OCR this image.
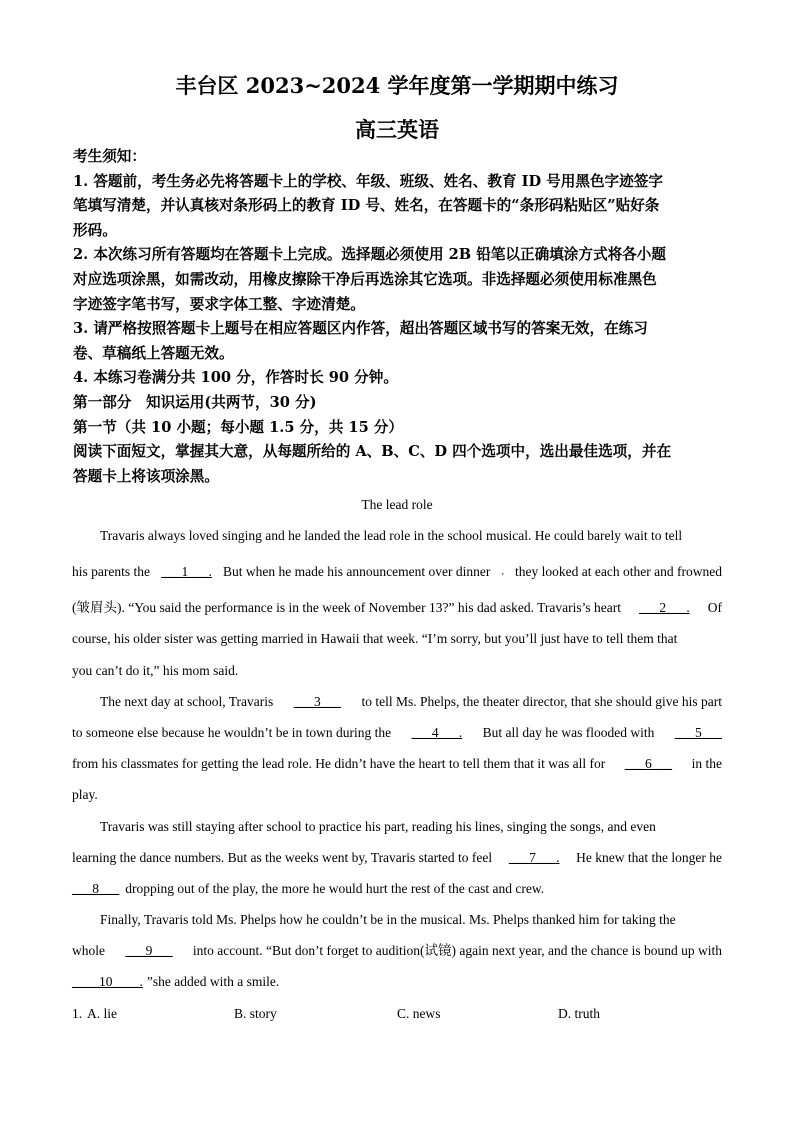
丰台区 2023~2024 学年度第一学期期中练习
高三英语

考生须知：

1. 答题前，考生务必先将答题卡上的学校、年级、班级、姓名、教育 ID 号用黑色字迹签字

笔填写清楚，并认真核对条形码上的教育 ID 号、姓名，在答题卡的“条形码粘贴区”贴好条

形码。

2. 本次练习所有答题均在答题卡上完成。选择题必须使用 2B 铅笔以正确填涂方式将各小题

对应选项涂黑，如需改动，用橡皮擦除干净后再选涂其它选项。非选择题必须使用标准黑色

字迹签字笔书写，要求字体工整、字迹清楚。

3. 请严格按照答题卡上题号在相应答题区内作答，超出答题区域书写的答案无效，在练习

卷、草稿纸上答题无效。

4. 本练习卷满分共 100 分，作答时长 90 分钟。

第一部分　知识运用(共两节，30 分)

第一节（共 10 小题；每小题 1.5 分，共 15 分）

阅读下面短文，掌握其大意，从每题所给的 A、B、C、D 四个选项中，选出最佳选项，并在

答题卡上将该项涂黑。

The lead role
Travaris always loved singing and he landed the lead role in the school musical. He could barely wait to tell
his parents the ___1___. But when he made his announcement over dinner , they looked at each other and frowned
(皱眉头). “You said the performance is in the week of November 13?” his dad asked. Travaris’s heart ___2___. Of
course, his older sister was getting married in Hawaii that week. “I’m sorry, but you’ll just have to tell them that
you can’t do it,” his mom said.
The next day at school, Travaris ___3___ to tell Ms. Phelps, the theater director, that she should give his part
to someone else because he wouldn’t be in town during the ___4___. But all day he was flooded with ___5___
from his classmates for getting the lead role. He didn’t have the heart to tell them that it was all for ___6___ in the
play.
Travaris was still staying after school to practice his part, reading his lines, singing the songs, and even
learning the dance numbers. But as the weeks went by, Travaris started to feel ___7___. He knew that the longer he
___8___ dropping out of the play, the more he would hurt the rest of the cast and crew.
Finally, Travaris told Ms. Phelps how he couldn’t be in the musical. Ms. Phelps thanked him for taking the
whole ___9___ into account. “But don’t forget to audition(试镜) again next year, and the chance is bound up with
____10____. ”she added with a smile.
1. A. lie	B. story	C. news	D. truth
